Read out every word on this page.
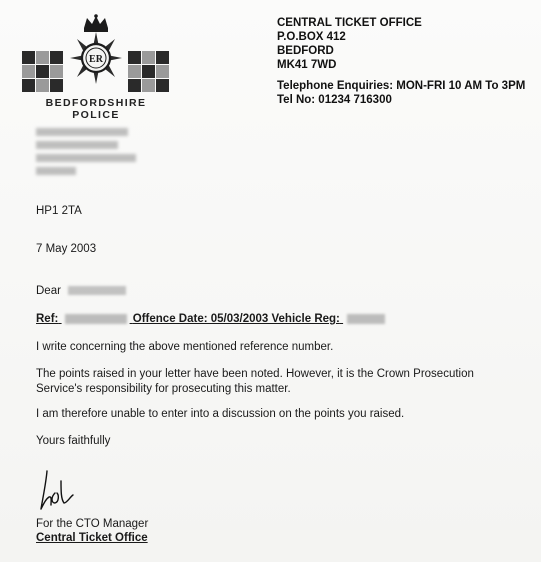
ER
BEDFORDSHIRE POLICE
CENTRAL TICKET OFFICE
P.O.BOX 412
BEDFORD
MK41 7WD
Telephone Enquiries: MON-FRI 10 AM To 3PM
Tel No: 01234 716300
HP1 2TA
7 May 2003
Dear
Ref:	Offence Date: 05/03/2003 Vehicle Reg:
I write concerning the above mentioned reference number.
The points raised in your letter have been noted. However, it is the Crown Prosecution Service's responsibility for prosecuting this matter.
I am therefore unable to enter into a discussion on the points you raised.
Yours faithfully
For the CTO Manager
Central Ticket Office
